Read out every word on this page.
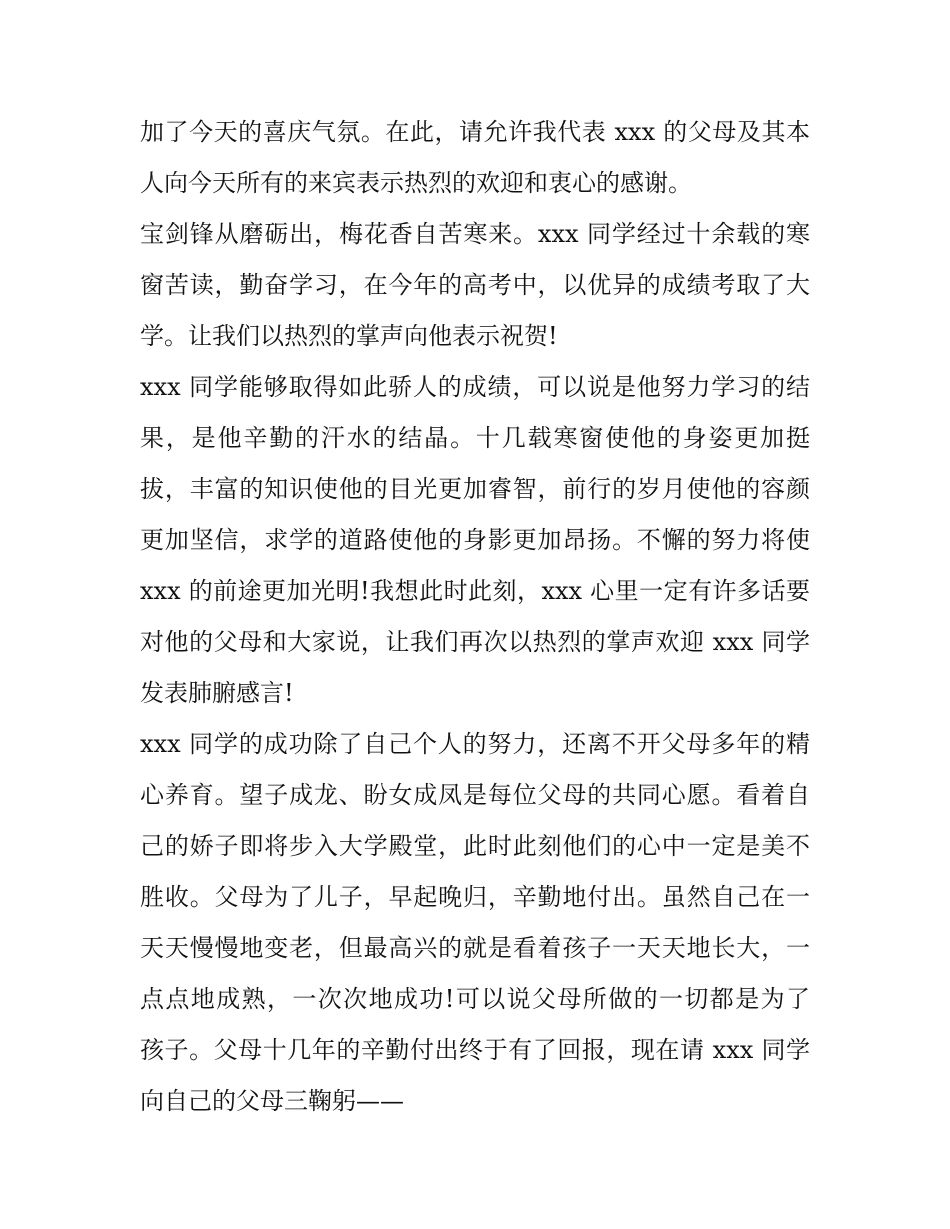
加了今天的喜庆气氛。在此，请允许我代表 xxx 的父母及其本
人向今天所有的来宾表示热烈的欢迎和衷心的感谢。
宝剑锋从磨砺出，梅花香自苦寒来。xxx 同学经过十余载的寒
窗苦读，勤奋学习，在今年的高考中，以优异的成绩考取了大
学。让我们以热烈的掌声向他表示祝贺!
xxx 同学能够取得如此骄人的成绩，可以说是他努力学习的结
果，是他辛勤的汗水的结晶。十几载寒窗使他的身姿更加挺
拔，丰富的知识使他的目光更加睿智，前行的岁月使他的容颜
更加坚信，求学的道路使他的身影更加昂扬。不懈的努力将使
xxx 的前途更加光明!我想此时此刻，xxx 心里一定有许多话要
对他的父母和大家说，让我们再次以热烈的掌声欢迎 xxx 同学
发表肺腑感言!
xxx 同学的成功除了自己个人的努力，还离不开父母多年的精
心养育。望子成龙、盼女成凤是每位父母的共同心愿。看着自
己的娇子即将步入大学殿堂，此时此刻他们的心中一定是美不
胜收。父母为了儿子，早起晚归，辛勤地付出。虽然自己在一
天天慢慢地变老，但最高兴的就是看着孩子一天天地长大，一
点点地成熟，一次次地成功!可以说父母所做的一切都是为了
孩子。父母十几年的辛勤付出终于有了回报，现在请 xxx 同学
向自己的父母三鞠躬——
